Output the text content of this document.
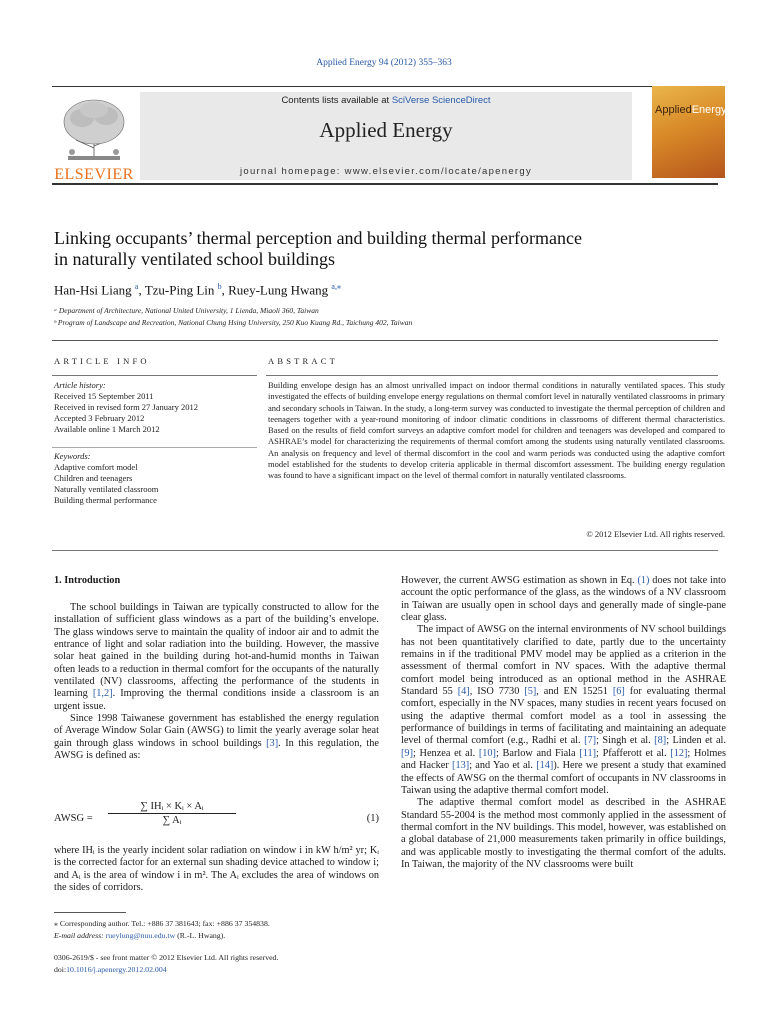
Applied Energy 94 (2012) 355–363
ELSEVIER
Contents lists available at SciVerse ScienceDirect
Applied Energy
journal homepage: www.elsevier.com/locate/apenergy
AppliedEnergy
Linking occupants’ thermal perception and building thermal performance
in naturally ventilated school buildings
Han-Hsi Liang $^a$, Tzu-Ping Lin $^b$, Ruey-Lung Hwang $^{a,⁎}$
ᵃ Department of Architecture, National United University, 1 Lienda, Miaoli 360, Taiwan
ᵇ Program of Landscape and Recreation, National Chung Hsing University, 250 Kuo Kuang Rd., Taichung 402, Taiwan
ARTICLE INFO
Article history:
Received 15 September 2011
Received in revised form 27 January 2012
Accepted 3 February 2012
Available online 1 March 2012
Keywords:
Adaptive comfort model
Children and teenagers
Naturally ventilated classroom
Building thermal performance
ABSTRACT
Building envelope design has an almost unrivalled impact on indoor thermal conditions in naturally ventilated spaces. This study investigated the effects of building envelope energy regulations on thermal comfort level in naturally ventilated classrooms in primary and secondary schools in Taiwan. In the study, a long-term survey was conducted to investigate the thermal perception of children and teenagers together with a year-round monitoring of indoor climatic conditions in classrooms of different thermal characteristics. Based on the results of field comfort surveys an adaptive comfort model for children and teenagers was developed and compared to ASHRAE’s model for characterizing the requirements of thermal comfort among the students using naturally ventilated classrooms. An analysis on frequency and level of thermal discomfort in the cool and warm periods was conducted using the adaptive comfort model established for the students to develop criteria applicable in thermal discomfort assessment. The building energy regulation was found to have a significant impact on the level of thermal comfort in naturally ventilated classrooms.
© 2012 Elsevier Ltd. All rights reserved.
1. Introduction

The school buildings in Taiwan are typically constructed to allow for the installation of sufficient glass windows as a part of the building’s envelope. The glass windows serve to maintain the quality of indoor air and to admit the entrance of light and solar radiation into the building. However, the massive solar heat gained in the building during hot-and-humid months in Taiwan often leads to a reduction in thermal comfort for the occupants of the naturally ventilated (NV) classrooms, affecting the performance of the students in learning [1,2]. Improving the thermal conditions inside a classroom is an urgent issue.

Since 1998 Taiwanese government has established the energy regulation of Average Window Solar Gain (AWSG) to limit the yearly average solar heat gain through glass windows in school buildings [3]. In this regulation, the AWSG is defined as:

AWSG =
∑ IHᵢ × Kᵢ × Aᵢ
∑ Aᵢ	(1)

where IHᵢ is the yearly incident solar radiation on window i in kW h/m² yr; Kᵢ is the corrected factor for an external sun shading device attached to window i; and Aᵢ is the area of window i in m². The Aᵢ excludes the area of windows on the sides of corridors.

⁎ Corresponding author. Tel.: +886 37 381643; fax: +886 37 354838.
E-mail address: rueylung@nuu.edu.tw (R.-L. Hwang).
0306-2619/$ - see front matter © 2012 Elsevier Ltd. All rights reserved.
doi:10.1016/j.apenergy.2012.02.004

However, the current AWSG estimation as shown in Eq. (1) does not take into account the optic performance of the glass, as the windows of a NV classroom in Taiwan are usually open in school days and generally made of single-pane clear glass.

The impact of AWSG on the internal environments of NV school buildings has not been quantitatively clarified to date, partly due to the uncertainty remains in if the traditional PMV model may be applied as a criterion in the assessment of thermal comfort in NV spaces. With the adaptive thermal comfort model being introduced as an optional method in the ASHRAE Standard 55 [4], ISO 7730 [5], and EN 15251 [6] for evaluating thermal comfort, especially in the NV spaces, many studies in recent years focused on using the adaptive thermal comfort model as a tool in assessing the performance of buildings in terms of facilitating and maintaining an adequate level of thermal comfort (e.g., Radhi et al. [7]; Singh et al. [8]; Linden et al. [9]; Henzea et al. [10]; Barlow and Fiala [11]; Pfafferott et al. [12]; Holmes and Hacker [13]; and Yao et al. [14]). Here we present a study that examined the effects of AWSG on the thermal comfort of occupants in NV classrooms in Taiwan using the adaptive thermal comfort model.

The adaptive thermal comfort model as described in the ASHRAE Standard 55-2004 is the method most commonly applied in the assessment of thermal comfort in the NV buildings. This model, however, was established on a global database of 21,000 measurements taken primarily in office buildings, and was applicable mostly to investigating the thermal comfort of the adults. In Taiwan, the majority of the NV classrooms were built
